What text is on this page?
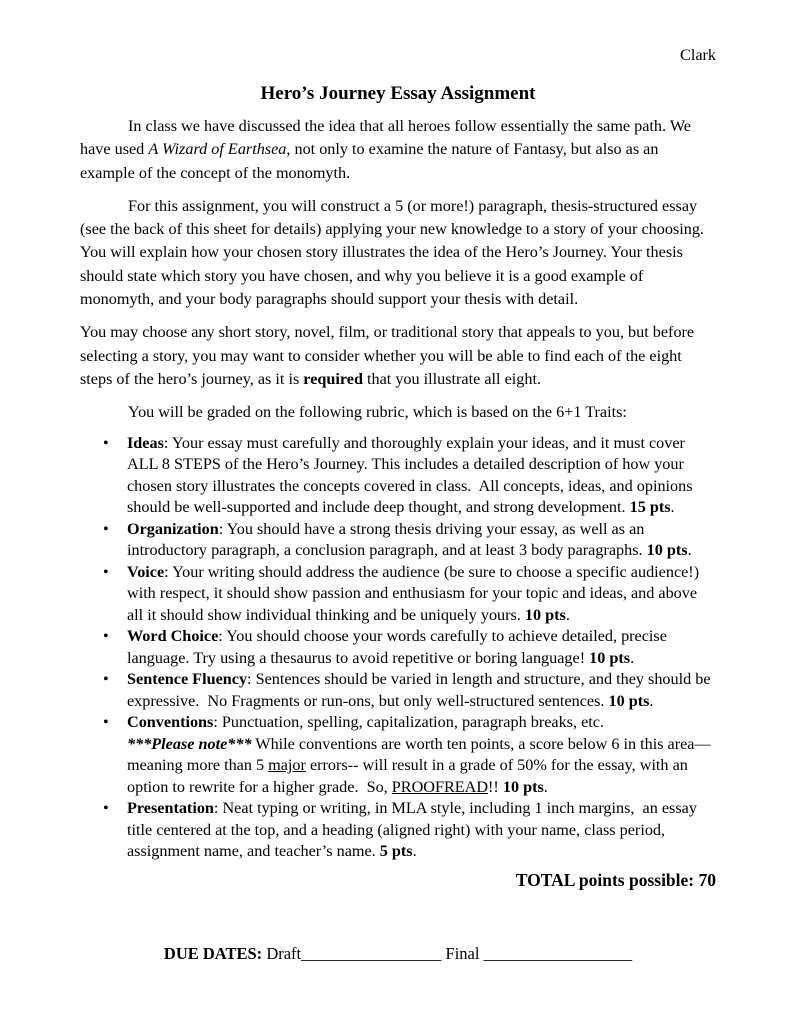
Clark
Hero’s Journey Essay Assignment

In class we have discussed the idea that all heroes follow essentially the same path. We have used A Wizard of Earthsea, not only to examine the nature of Fantasy, but also as an example of the concept of the monomyth.

For this assignment, you will construct a 5 (or more!) paragraph, thesis-structured essay (see the back of this sheet for details) applying your new knowledge to a story of your choosing.  You will explain how your chosen story illustrates the idea of the Hero’s Journey. Your thesis should state which story you have chosen, and why you believe it is a good example of monomyth, and your body paragraphs should support your thesis with detail.

You may choose any short story, novel, film, or traditional story that appeals to you, but before selecting a story, you may want to consider whether you will be able to find each of the eight steps of the hero’s journey, as it is required that you illustrate all eight.

You will be graded on the following rubric, which is based on the 6+1 Traits:

• Ideas: Your essay must carefully and thoroughly explain your ideas, and it must cover ALL 8 STEPS of the Hero’s Journey. This includes a detailed description of how your chosen story illustrates the concepts covered in class.  All concepts, ideas, and opinions should be well-supported and include deep thought, and strong development. 15 pts.
• Organization: You should have a strong thesis driving your essay, as well as an introductory paragraph, a conclusion paragraph, and at least 3 body paragraphs. 10 pts.
• Voice: Your writing should address the audience (be sure to choose a specific audience!) with respect, it should show passion and enthusiasm for your topic and ideas, and above all it should show individual thinking and be uniquely yours. 10 pts.
• Word Choice: You should choose your words carefully to achieve detailed, precise language. Try using a thesaurus to avoid repetitive or boring language! 10 pts.
• Sentence Fluency: Sentences should be varied in length and structure, and they should be expressive.  No Fragments or run-ons, but only well-structured sentences. 10 pts.
• Conventions: Punctuation, spelling, capitalization, paragraph breaks, etc.
***Please note*** While conventions are worth ten points, a score below 6 in this area—meaning more than 5 major errors-- will result in a grade of 50% for the essay, with an option to rewrite for a higher grade.  So, PROOFREAD!! 10 pts.
• Presentation: Neat typing or writing, in MLA style, including 1 inch margins,  an essay title centered at the top, and a heading (aligned right) with your name, class period, assignment name, and teacher’s name. 5 pts.
TOTAL points possible: 70
DUE DATES: Draft_________________ Final __________________
